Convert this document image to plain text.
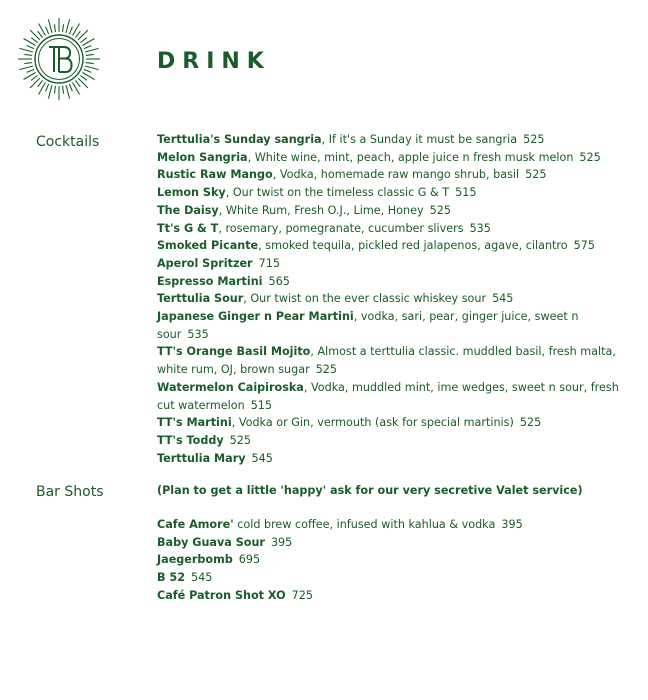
DRINK
Cocktails	Terttulia's Sunday sangria, If it's a Sunday it must be sangria 525

Melon Sangria, White wine, mint, peach, apple juice n fresh musk melon 525

Rustic Raw Mango, Vodka, homemade raw mango shrub, basil 525

Lemon Sky, Our twist on the timeless classic G & T 515

The Daisy, White Rum, Fresh O.J., Lime, Honey 525

Tt's G & T, rosemary, pomegranate, cucumber slivers 535

Smoked Picante, smoked tequila, pickled red jalapenos, agave, cilantro 575

Aperol Spritzer 715

Espresso Martini 565

Terttulia Sour, Our twist on the ever classic whiskey sour 545

Japanese Ginger n Pear Martini, vodka, sari, pear, ginger juice, sweet n sour 535

TT's Orange Basil Mojito, Almost a terttulia classic. muddled basil, fresh malta, white rum, OJ, brown sugar 525

Watermelon Caipiroska, Vodka, muddled mint, ime wedges, sweet n sour, fresh cut watermelon 515

TT's Martini, Vodka or Gin, vermouth (ask for special martinis) 525

TT's Toddy 525

Terttulia Mary 545

Bar Shots	(Plan to get a little 'happy' ask for our very secretive Valet service)

Cafe Amore' cold brew coffee, infused with kahlua & vodka 395

Baby Guava Sour 395

Jaegerbomb 695

B 52 545

Café Patron Shot XO 725
